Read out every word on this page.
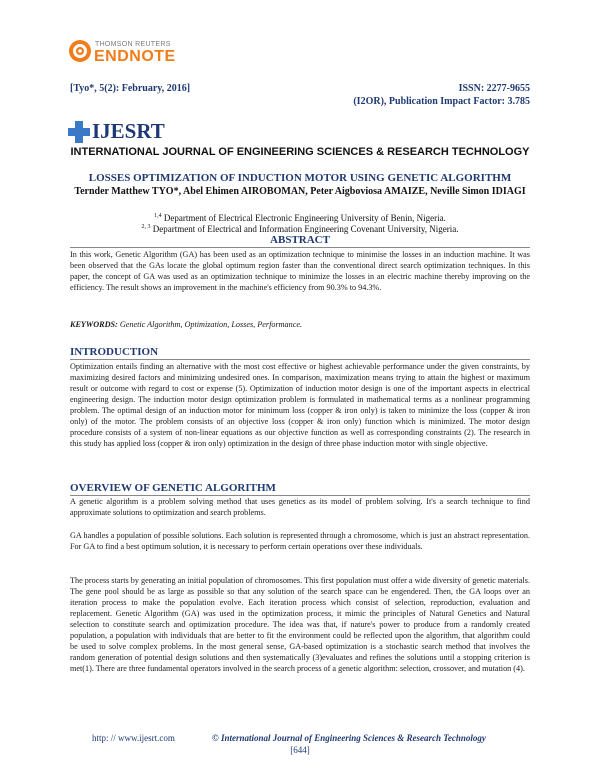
THOMSON REUTERS
ENDNOTE
[Tyo*, 5(2): February, 2016]	ISSN: 2277-9655
(I2OR), Publication Impact Factor: 3.785
IJESRT
INTERNATIONAL JOURNAL OF ENGINEERING SCIENCES & RESEARCH TECHNOLOGY
LOSSES OPTIMIZATION OF INDUCTION MOTOR USING GENETIC ALGORITHM
Ternder Matthew TYO*, Abel Ehimen AIROBOMAN, Peter Aigboviosa AMAIZE, Neville Simon IDIAGI
$^{1,4}$ Department of Electrical Electronic Engineering University of Benin, Nigeria.
$^{2, 3}$ Department of Electrical and Information Engineering Covenant University, Nigeria.
ABSTRACT
In this work, Genetic Algorithm (GA) has been used as an optimization technique to minimise the losses in an induction machine. It was been observed that the GAs locate the global optimum region faster than the conventional direct search optimization techniques. In this paper, the concept of GA was used as an optimization technique to minimize the losses in an electric machine thereby improving on the efficiency. The result shows an improvement in the machine's efficiency from 90.3% to 94.3%.
KEYWORDS: Genetic Algorithm, Optimization, Losses, Performance.
INTRODUCTION
Optimization entails finding an alternative with the most cost effective or highest achievable performance under the given constraints, by maximizing desired factors and minimizing undesired ones. In comparison, maximization means trying to attain the highest or maximum result or outcome with regard to cost or expense (5). Optimization of induction motor design is one of the important aspects in electrical engineering design. The induction motor design optimization problem is formulated in mathematical terms as a nonlinear programming problem. The optimal design of an induction motor for minimum loss (copper & iron only) is taken to minimize the loss (copper & iron only) of the motor. The problem consists of an objective loss (copper & iron only) function which is minimized. The motor design procedure consists of a system of non-linear equations as our objective function as well as corresponding constraints (2). The research in this study has applied loss (copper & iron only) optimization in the design of three phase induction motor with single objective.
OVERVIEW OF GENETIC ALGORITHM
A genetic algorithm is a problem solving method that uses genetics as its model of problem solving. It's a search technique to find approximate solutions to optimization and search problems.
GA handles a population of possible solutions. Each solution is represented through a chromosome, which is just an abstract representation. For GA to find a best optimum solution, it is necessary to perform certain operations over these individuals.
The process starts by generating an initial population of chromosomes. This first population must offer a wide diversity of genetic materials. The gene pool should be as large as possible so that any solution of the search space can be engendered. Then, the GA loops over an iteration process to make the population evolve. Each iteration process which consist of selection, reproduction, evaluation and replacement. Genetic Algorithm (GA) was used in the optimization process, it mimic the principles of Natural Genetics and Natural selection to constitute search and optimization procedure. The idea was that, if nature's power to produce from a randomly created population, a population with individuals that are better to fit the environment could be reflected upon the algorithm, that algorithm could be used to solve complex problems. In the most general sense, GA-based optimization is a stochastic search method that involves the random generation of potential design solutions and then systematically (3)evaluates and refines the solutions until a stopping criterion is met(1). There are three fundamental operators involved in the search process of a genetic algorithm: selection, crossover, and mutation (4).
http: // www.ijesrt.com	© International Journal of Engineering Sciences & Research Technology
[644]
